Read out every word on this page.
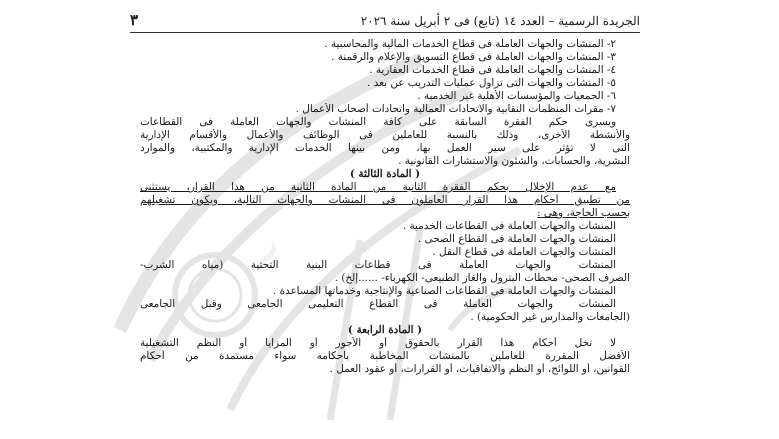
~
الجريدة الرسمية – العدد ١٤ (تابع) فى ٢ أبريل سنة ٢٠٢٦
٣
٢- المنشآت والجهات العاملة فى قطاع الخدمات المالية والمحاسبية .
٣- المنشآت والجهات العاملة فى قطاع التسويق والإعلام والرقمنة .
٤- المنشآت والجهات العاملة فى قطاع الخدمات العقارية .
٥- المنشآت والجهات التى تزاول عمليات التدريب عن بعد .
٦- الجمعيات والمؤسسات الأهلية غير الخدمية .
٧- مقرات المنظمات النقابية والاتحادات العمالية واتحادات أصحاب الأعمال .
ويسرى حكم الفقرة السابقة على كافة المنشآت والجهات العاملة فى القطاعات
والأنشطة الأخرى، وذلك بالنسبة للعاملين فى الوظائف والأعمال والأقسام الإدارية
التى لا تؤثر على سير العمل بها، ومن بينها الخدمات الإدارية والمكتبية، والموارد
البشرية، والحسابات، والشئون والاستشارات القانونية .
( المادة الثالثة )
مع عدم الإخلال بحكم الفقرة الثانية من المادة الثانية من هذا القرار، يستثنى
من تطبيق أحكام هذا القرار العاملون فى المنشآت والجهات التالية، ويكون تشغيلهم
بحسب الحاجة، وهى :
المنشآت والجهات العاملة فى القطاعات الخدمية .
المنشآت والجهات العاملة فى القطاع الصحى .
المنشآت والجهات العاملة فى قطاع النقل .
المنشآت والجهات العاملة فى قطاعات البنية التحتية (مياه الشرب-
الصرف الصحى- محطات البترول والغاز الطبيعى- الكهرباء- ......إلخ) .
المنشآت والجهات العاملة فى القطاعات الصناعية والإنتاجية وخدماتها المساعدة .
المنشآت والجهات العاملة فى القطاع التعليمى الجامعى وقبل الجامعى
(الجامعات والمدارس غير الحكومية) .
( المادة الرابعة )
لا تخل أحكام هذا القرار بالحقوق أو الأجور أو المزايا أو النظم التشغيلية
الأفضل المقررة للعاملين بالمنشآت المخاطبة بأحكامه سواء مستمدة من أحكام
القوانين، أو اللوائح، أو النظم والاتفاقيات، أو القرارات، أو عقود العمل .
